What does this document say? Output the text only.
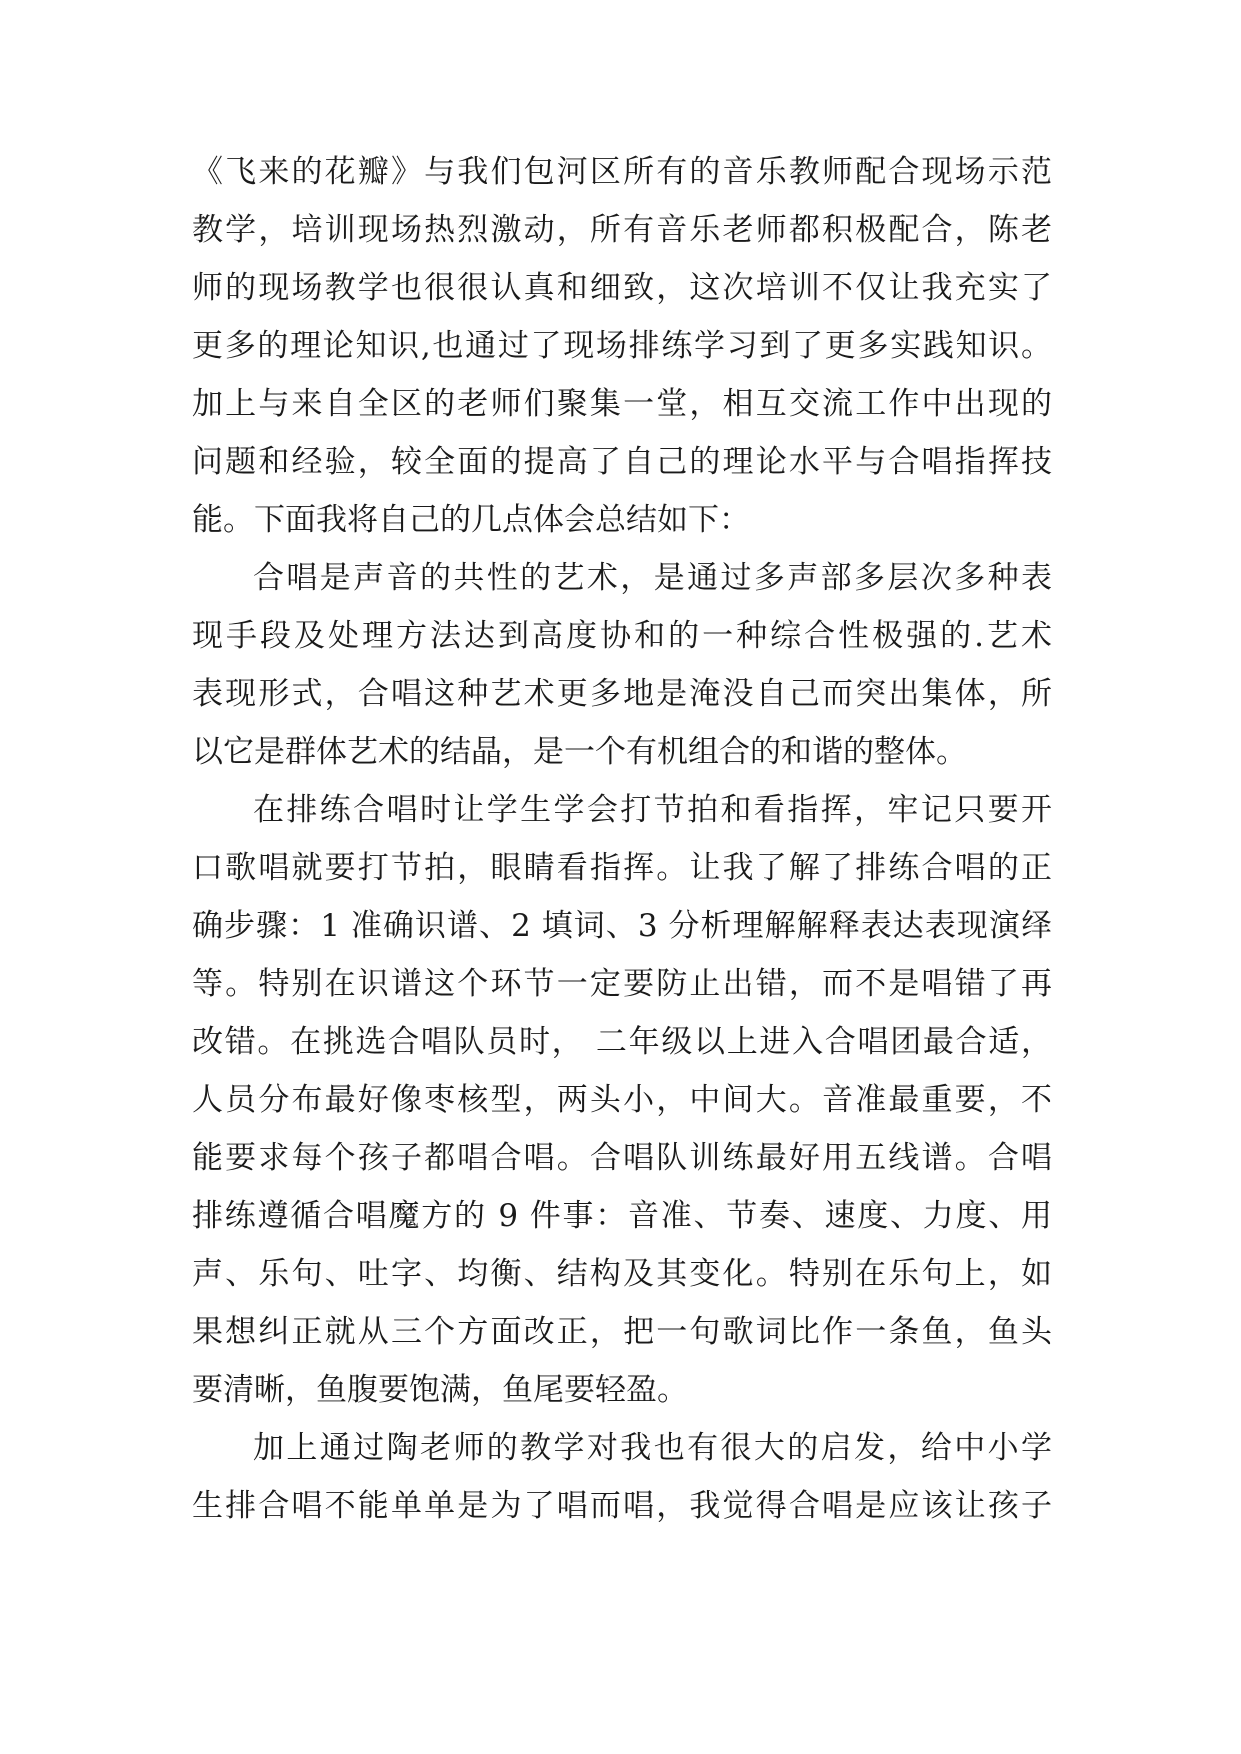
《飞来的花瓣》与我们包河区所有的音乐教师配合现场示范
教学，培训现场热烈激动，所有音乐老师都积极配合，陈老
师的现场教学也很很认真和细致，这次培训不仅让我充实了
更多的理论知识,也通过了现场排练学习到了更多实践知识。
加上与来自全区的老师们聚集一堂，相互交流工作中出现的
问题和经验，较全面的提高了自己的理论水平与合唱指挥技
能。下面我将自己的几点体会总结如下：
合唱是声音的共性的艺术，是通过多声部多层次多种表
现手段及处理方法达到高度协和的一种综合性极强的.艺术
表现形式，合唱这种艺术更多地是淹没自己而突出集体，所
以它是群体艺术的结晶，是一个有机组合的和谐的整体。
在排练合唱时让学生学会打节拍和看指挥，牢记只要开
口歌唱就要打节拍，眼睛看指挥。让我了解了排练合唱的正
确步骤：1 准确识谱、2 填词、3 分析理解解释表达表现演绎
等。特别在识谱这个环节一定要防止出错，而不是唱错了再
改错。在挑选合唱队员时， 二年级以上进入合唱团最合适，
人员分布最好像枣核型，两头小，中间大。音准最重要，不
能要求每个孩子都唱合唱。合唱队训练最好用五线谱。合唱
排练遵循合唱魔方的 9 件事：音准、节奏、速度、力度、用
声、乐句、吐字、均衡、结构及其变化。特别在乐句上，如
果想纠正就从三个方面改正，把一句歌词比作一条鱼，鱼头
要清晰，鱼腹要饱满，鱼尾要轻盈。
加上通过陶老师的教学对我也有很大的启发，给中小学
生排合唱不能单单是为了唱而唱，我觉得合唱是应该让孩子
